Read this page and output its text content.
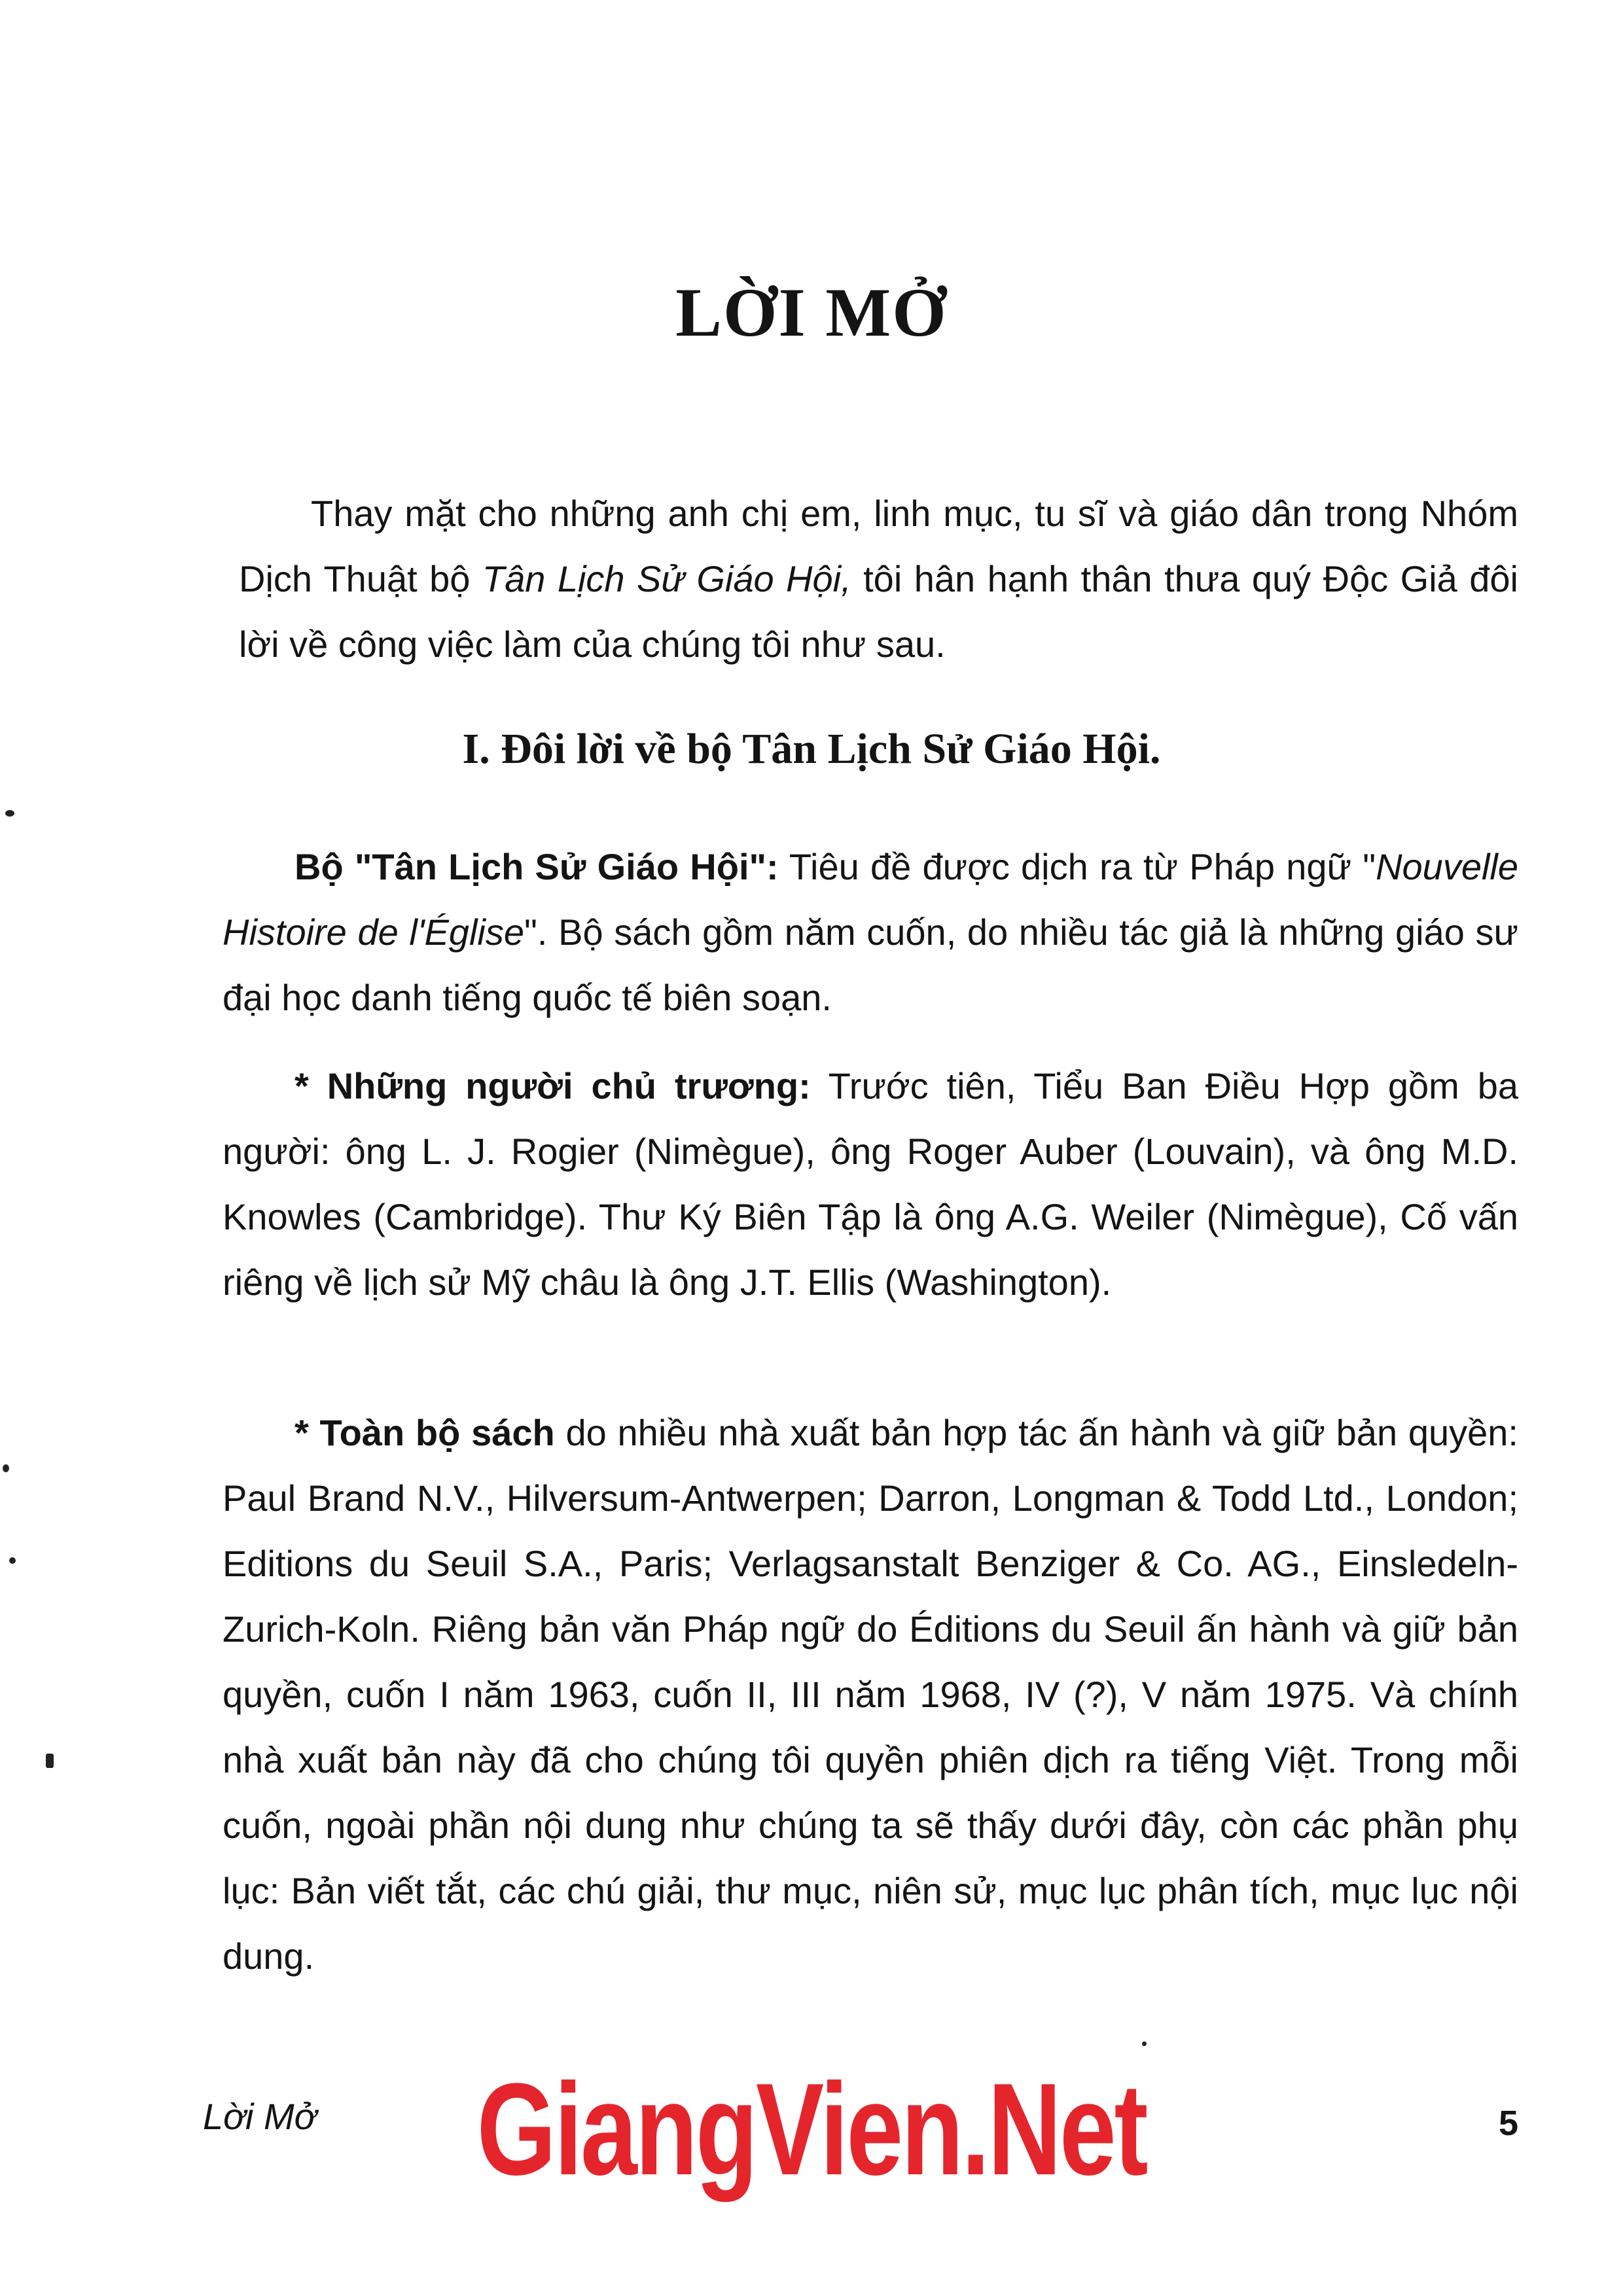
LỜI MỞ

Thay mặt cho những anh chị em, linh mục, tu sĩ và giáo dân trong Nhóm Dịch Thuật bộ Tân Lịch Sử Giáo Hội, tôi hân hạnh thân thưa quý Độc Giả đôi lời về công việc làm của chúng tôi như sau.

I. Đôi lời về bộ Tân Lịch Sử Giáo Hội.

Bộ "Tân Lịch Sử Giáo Hội": Tiêu đề được dịch ra từ Pháp ngữ "Nouvelle Histoire de l'Église". Bộ sách gồm năm cuốn, do nhiều tác giả là những giáo sư đại học danh tiếng quốc tế biên soạn.

* Những người chủ trương: Trước tiên, Tiểu Ban Điều Hợp gồm ba người: ông L. J. Rogier (Nimègue), ông Roger Auber (Louvain), và ông M.D. Knowles (Cambridge). Thư Ký Biên Tập là ông A.G. Weiler (Nimègue), Cố vấn riêng về lịch sử Mỹ châu là ông J.T. Ellis (Washington).

* Toàn bộ sách do nhiều nhà xuất bản hợp tác ấn hành và giữ bản quyền: Paul Brand N.V., Hilversum-Antwerpen; Darron, Longman & Todd Ltd., London; Editions du Seuil S.A., Paris; Verlagsanstalt Benziger & Co. AG., Einsledeln-Zurich-Koln. Riêng bản văn Pháp ngữ do Éditions du Seuil ấn hành và giữ bản quyền, cuốn I năm 1963, cuốn II, III năm 1968, IV (?), V năm 1975. Và chính nhà xuất bản này đã cho chúng tôi quyền phiên dịch ra tiếng Việt. Trong mỗi cuốn, ngoài phần nội dung như chúng ta sẽ thấy dưới đây, còn các phần phụ lục: Bản viết tắt, các chú giải, thư mục, niên sử, mục lục phân tích, mục lục nội dung.

Lời Mở	GiangVien.Net	5
